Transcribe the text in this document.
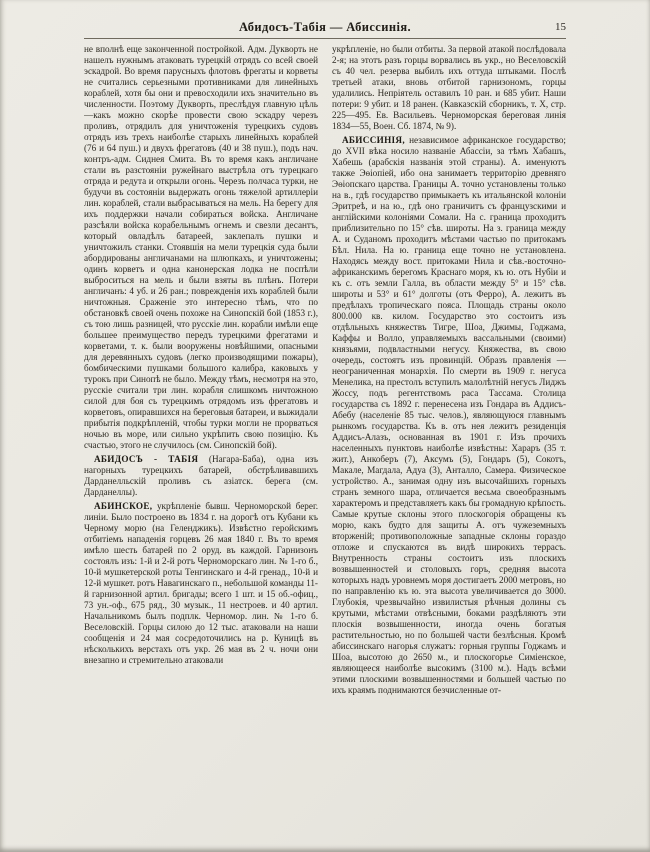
Абидосъ-Табія — Абиссинія.	15

не вполнѣ еще законченной постройкой. Адм. Дукворть не нашелъ нужнымъ атаковать турецкій отрядъ со всей своей эскадрой. Во время парусныхъ флотовъ фрегаты и корветы не считались серьезными противниками для линейныхъ кораблей, хотя бы они и превосходили ихъ значительно въ численности. Поэтому Дукворть, преслѣдуя главную цѣль—какъ можно скорѣе провести свою эскадру черезъ проливъ, отрядилъ для уничтоженія турецкихъ судовъ отрядъ изъ трехъ наиболѣе старыхъ линейныхъ кораблей (76 и 64 пуш.) и двухъ фрегатовъ (40 и 38 пуш.), подъ нач. контръ-адм. Сиднея Смита. Въ то время какъ англичане стали въ разстояніи ружейнаго выстрѣла отъ турецкаго отряда и редута и открыли огонь. Черезъ полчаса турки, не будучи въ состояніи выдержать огонь тяжелой артиллеріи лин. кораблей, стали выбрасываться на мель. На берегу для ихъ поддержки начали собираться войска. Англичане разсѣяли войска корабельнымъ огнемъ и свезли десантъ, который овладѣлъ батареей, заклепалъ пушки и уничтожилъ станки. Стоявшія на мели турецкія суда были абордированы англичанами на шлюпкахъ, и уничтожены; одинъ корветъ и одна канонерская лодка не поспѣли выброситься на мель и были взяты въ плѣнъ. Потери англичанъ: 4 уб. и 26 ран.; поврежденія ихъ кораблей были ничтожныя. Сраженіе это интересно тѣмъ, что по обстановкѣ своей очень похоже на Синопскій бой (1853 г.), съ тою лишь разницей, что русскіе лин. корабли имѣли еще большее преимущество передъ турецкими фрегатами и корветами, т. к. были вооружены новѣйшими, опасными для деревянныхъ судовъ (легко производящими пожары), бомбическими пушками большого калибра, каковыхъ у турокъ при Синопѣ не было. Между тѣмъ, несмотря на это, русскіе считали три лин. корабля слишкомъ ничтожною силой для боя съ турецкимъ отрядомъ изъ фрегатовъ и корветовъ, опиравшихся на береговыя батареи, и выжидали прибытія подкрѣпленій, чтобы турки могли не прорваться ночью въ море, или сильно укрѣпить свою позицію. Къ счастью, этого не случилось (см. Синопскій бой).

АБИДОСЪ - ТАБІЯ (Нагара-Баба), одна изъ нагорныхъ турецкихъ батарей, обстрѣливавшихъ Дарданелльскій проливъ съ азіатск. берега (см. Дарданеллы).

АБИНСКОЕ, укрѣпленіе бывш. Черноморской берег. линіи. Было построено въ 1834 г. на дорогѣ отъ Кубани къ Черному морю (на Геленджикъ). Извѣстно геройскимъ отбитіемъ нападенія горцевъ 26 мая 1840 г. Въ то время имѣло шесть батарей по 2 оруд. въ каждой. Гарнизонъ состоялъ изъ: 1-й и 2-й ротъ Черноморскаго лин. № 1-го б., 10-й мушкетерской роты Тенгинскаго и 4-й гренад., 10-й и 12-й мушкет. ротъ Навагинскаго п., небольшой команды 11-й гарнизонной артил. бригады; всего 1 шт. и 15 об.-офиц., 73 ун.-оф., 675 ряд., 30 музык., 11 нестроев. и 40 артил. Начальникомъ былъ подплк. Черномор. лин. № 1-го б. Веселовскій. Горцы силою до 12 тыс. атаковали на наши сообщенія и 24 мая сосредоточились на р. Куницѣ въ нѣсколькихъ верстахъ отъ укр. 26 мая въ 2 ч. ночи они внезапно и стремительно атаковали

укрѣпленіе, но были отбиты. За первой атакой послѣдовала 2-я; на этотъ разъ горцы ворвались въ укр., но Веселовскій съ 40 чел. резерва выбилъ ихъ оттуда штыками. Послѣ третьей атаки, вновь отбитой гарнизономъ, горцы удалились. Непріятель оставилъ 10 ран. и 685 убит. Наши потери: 9 убит. и 18 ранен. (Кавказскій сборникъ, т. X, стр. 225—495. Ев. Васильевъ. Черноморская береговая линія 1834—55, Воен. Сб. 1874, № 9).

АБИССИНІЯ, независимое африканское государство; до XVII вѣка носило названіе Абассіи, за тѣмъ Хабашъ, Хабешь (арабскія названія этой страны). А. именуютъ также Эѳіопіей, ибо она занимаетъ территорію древняго Эѳіопскаго царства. Границы А. точно установлены только на в., гдѣ государство примыкаетъ къ итальянской колоніи Эритреѣ, и на ю., гдѣ оно граничитъ съ французскими и англійскими колоніями Сомали. На с. граница проходитъ приблизительно по 15° сѣв. широты. На з. граница между А. и Суданомъ проходитъ мѣстами частью по притокамъ Бѣл. Нила. На ю. граница еще точно не установлена. Находясь между вост. притоками Нила и сѣв.-восточно-африканскимъ берегомъ Краснаго моря, къ ю. отъ Нубіи и къ с. отъ земли Галла, въ области между 5° и 15° сѣв. широты и 53° и 61° долготы (отъ Ферро), А. лежитъ въ предѣлахъ тропическаго пояса. Площадь страны около 800.000 кв. килом. Государство это состоитъ изъ отдѣльныхъ княжествъ Тигре, Шоа, Джимы, Годжама, Каффы и Волло, управляемыхъ вассальными (своими) князьями, подвластными негусу. Княжества, въ свою очередь, состоятъ изъ провинцій. Образъ правленія — неограниченная монархія. По смерти въ 1909 г. негуса Менелика, на престолъ вступилъ малолѣтній негусъ Лиджъ Жоссу, подъ регентствомъ раса Тассама. Столица государства съ 1892 г. перенесена изъ Гондара въ Аддисъ-Абебу (населеніе 85 тыс. челов.), являющуюся главнымъ рынкомъ государства. Къ в. отъ нея лежитъ резиденція Аддисъ-Алазъ, основанная въ 1901 г. Изъ прочихъ населенныхъ пунктовъ наиболѣе извѣстны: Хараръ (35 т. жит.), Анкоберъ (7), Аксумъ (5), Гондаръ (5), Сокотъ, Макале, Магдала, Адуа (3), Анталло, Самера. Физическое устройство. А., занимая одну изъ высочайшихъ горныхъ странъ земного шара, отличается весьма своеобразнымъ характеромъ и представляетъ какъ бы громадную крѣпость. Самые крутые склоны этого плоскогорія обращены къ морю, какъ будто для защиты А. отъ чужеземныхъ вторженій; противоположные западные склоны гораздо отложе и спускаются въ видѣ широкихъ террасъ. Внутренность страны состоитъ изъ плоскихъ возвышенностей и столовыхъ горъ, средняя высота которыхъ надъ уровнемъ моря достигаетъ 2000 метровъ, но по направленію къ ю. эта высота увеличивается до 3000. Глубокія, чрезвычайно извилистыя рѣчныя долины съ крутыми, мѣстами отвѣсными, боками раздѣляютъ эти плоскія возвышенности, иногда очень богатыя растительностью, но по большей части безлѣсныя. Кромѣ абиссинскаго нагорья служатъ: горныя группы Годжамъ и Шоа, высотою до 2650 м., и плоскогорье Симіенское, являющееся наиболѣе высокимъ (3100 м.). Надъ всѣми этими плоскими возвышенностями и большей частью по ихъ краямъ поднимаются безчисленные от-
